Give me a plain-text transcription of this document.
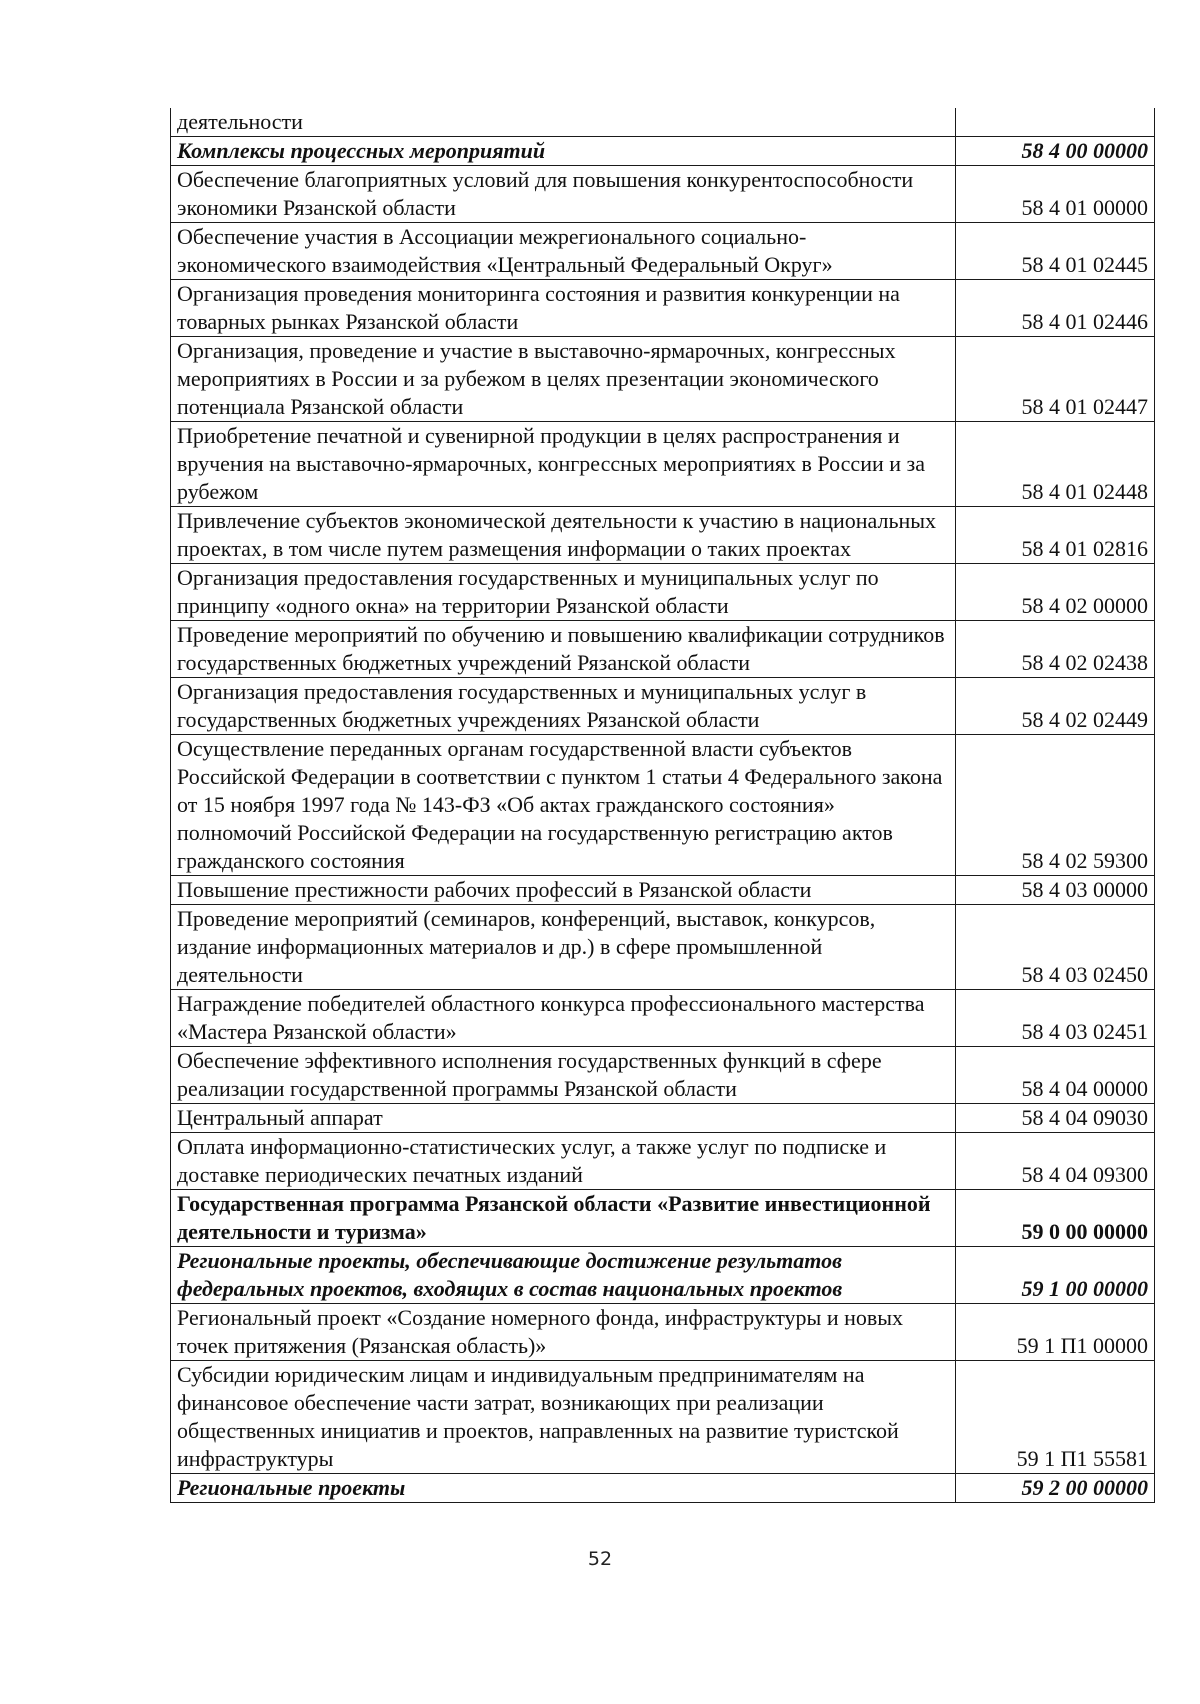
деятельности	
Комплексы процессных мероприятий	58 4 00 00000
Обеспечение благоприятных условий для повышения конкурентоспособности экономики Рязанской области	58 4 01 00000
Обеспечение участия в Ассоциации межрегионального социально-экономического взаимодействия «Центральный Федеральный Округ»	58 4 01 02445
Организация проведения мониторинга состояния и развития конкуренции на товарных рынках Рязанской области	58 4 01 02446
Организация, проведение и участие в выставочно-ярмарочных, конгрессных мероприятиях в России и за рубежом в целях презентации экономического потенциала Рязанской области	58 4 01 02447
Приобретение печатной и сувенирной продукции в целях распространения и вручения на выставочно-ярмарочных, конгрессных мероприятиях в России и за рубежом	58 4 01 02448
Привлечение субъектов экономической деятельности к участию в национальных проектах, в том числе путем размещения информации о таких проектах	58 4 01 02816
Организация предоставления государственных и муниципальных услуг по принципу «одного окна» на территории Рязанской области	58 4 02 00000
Проведение мероприятий по обучению и повышению квалификации сотрудников государственных бюджетных учреждений Рязанской области	58 4 02 02438
Организация предоставления государственных и муниципальных услуг в государственных бюджетных учреждениях Рязанской области	58 4 02 02449
Осуществление переданных органам государственной власти субъектов Российской Федерации в соответствии с пунктом 1 статьи 4 Федерального закона от 15 ноября 1997 года № 143-ФЗ «Об актах гражданского состояния» полномочий Российской Федерации на государственную регистрацию актов гражданского состояния	58 4 02 59300
Повышение престижности рабочих профессий в Рязанской области	58 4 03 00000
Проведение мероприятий (семинаров, конференций, выставок, конкурсов, издание информационных материалов и др.) в сфере промышленной деятельности	58 4 03 02450
Награждение победителей областного конкурса профессионального мастерства «Мастера Рязанской области»	58 4 03 02451
Обеспечение эффективного исполнения государственных функций в сфере реализации государственной программы Рязанской области	58 4 04 00000
Центральный аппарат	58 4 04 09030
Оплата информационно-статистических услуг, а также услуг по подписке и доставке периодических печатных изданий	58 4 04 09300
Государственная программа Рязанской области «Развитие инвестиционной деятельности и туризма»	59 0 00 00000
Региональные проекты, обеспечивающие достижение результатов федеральных проектов, входящих в состав национальных проектов	59 1 00 00000
Региональный проект «Создание номерного фонда, инфраструктуры и новых точек притяжения (Рязанская область)»	59 1 П1 00000
Субсидии юридическим лицам и индивидуальным предпринимателям на финансовое обеспечение части затрат, возникающих при реализации общественных инициатив и проектов, направленных на развитие туристской инфраструктуры	59 1 П1 55581
Региональные проекты	59 2 00 00000
52
